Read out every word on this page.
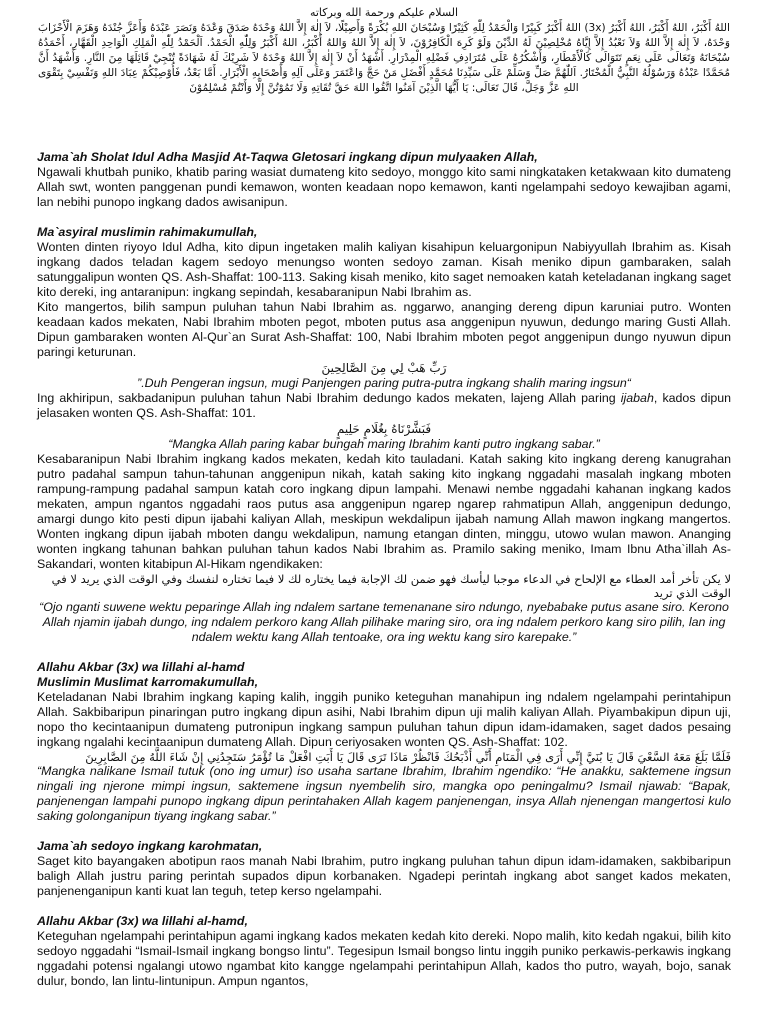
السلام عليكم ورحمة الله وبركاته
اللهُ أَكْبَرُ، اللهُ أَكْبَرُ، اللهُ أَكْبَرُ (3x) اللهُ أَكْبَرُ كَبِيْرًا وَالْحَمْدُ لِلّٰهِ كَثِيْرًا وَسُبْحَانَ اللهِ بُكْرَةً وَأَصِيْلًا، لاَ إِلٰهَ إِلاَّ اللهُ وَحْدَهُ صَدَقَ وَعْدَهُ وَنَصَرَ عَبْدَهُ وَأَعَزَّ جُنْدَهُ وَهَزَمَ الْأَحْزَابَ وَحْدَهُ، لاَ إِلٰهَ إِلاَّ اللهُ وَلاَ نَعْبُدُ إِلاَّ إِيَّاهُ مُخْلِصِيْنَ لَهُ الدِّيْنَ وَلَوْ كَرِهَ الْكَافِرُوْنَ، لاَ إِلٰهَ إِلاَّ اللهُ وَاللهُ أَكْبَرُ، اللهُ أَكْبَرُ وَلِلّٰهِ الْحَمْدُ. اَلْحَمْدُ لِلّٰهِ الْمَلِكِ الْوَاحِدِ الْقَهَّارِ، أَحْمَدُهُ سُبْحَانَهُ وَتَعَالَى عَلَى نِعَمٍ تَتَوَالَى كَالْأَمْطَارِ، وَأَشْكُرُهُ عَلَى مُتَرَادِفِ فَضْلِهِ الْمِدْرَارِ. أَشْهَدُ أَنْ لاَ إِلٰهَ إِلاَّ اللهُ وَحْدَهُ لاَ شَرِيْكَ لَهُ شَهَادَةً تُنْجِيْ قَائِلَهَا مِنَ النَّارِ. وَأَشْهَدُ أَنَّ مُحَمَّدًا عَبْدُهُ وَرَسُوْلُهُ النَّبِيُّ الْمُخْتَارُ. اَللّٰهُمَّ صَلِّ وَسَلِّمْ عَلَى سَيِّدِنَا مُحَمَّدٍ أَفْضَلِ مَنْ حَجَّ وَاعْتَمَرَ وَعَلَى آلِهِ وَأَصْحَابِهِ الْأَبْرَارِ. أَمَّا بَعْدُ، فَأُوْصِيْكُمْ عِبَادَ اللهِ وَنَفْسِيْ بِتَقْوَى اللهِ عَزَّ وَجَلَّ، قَالَ تَعَالَى: يَا أَيُّهَا الَّذِيْنَ آمَنُوا اتَّقُوا اللهَ حَقَّ تُقَاتِهِ وَلَا تَمُوْتُنَّ إِلَّا وَأَنْتُمْ مُسْلِمُوْنَ

Jama`ah Sholat Idul Adha Masjid At-Taqwa Gletosari ingkang dipun mulyaaken Allah,

Ngawali khutbah puniko, khatib paring wasiat dumateng kito sedoyo, monggo kito sami ningkataken ketakwaan kito dumateng Allah swt, wonten panggenan pundi kemawon, wonten keadaan nopo kemawon, kanti ngelampahi sedoyo kewajiban agami, lan nebihi punopo ingkang dados awisanipun.

Ma`asyiral muslimin rahimakumullah,

Wonten dinten riyoyo Idul Adha, kito dipun ingetaken malih kaliyan kisahipun keluargonipun Nabiyyullah Ibrahim as. Kisah ingkang dados teladan kagem sedoyo menungso wonten sedoyo zaman. Kisah meniko dipun gambaraken, salah satunggalipun wonten QS. Ash-Shaffat: 100-113. Saking kisah meniko, kito saget nemoaken katah keteladanan ingkang saget kito dereki, ing antaranipun: ingkang sepindah, kesabaranipun Nabi Ibrahim as.

Kito mangertos, bilih sampun puluhan tahun Nabi Ibrahim as. nggarwo, ananging dereng dipun karuniai putro. Wonten keadaan kados mekaten, Nabi Ibrahim mboten pegot, mboten putus asa anggenipun nyuwun, dedungo maring Gusti Allah. Dipun gambaraken wonten Al-Qur`an Surat Ash-Shaffat: 100, Nabi Ibrahim mboten pegot anggenipun dungo nyuwun dipun paringi keturunan.

رَبِّ هَبْ لِي مِنَ الصَّالِحِينَ

”.Duh Pengeran ingsun, mugi Panjengen paring putra-putra ingkang shalih maring ingsun“

Ing akhiripun, sakbadanipun puluhan tahun Nabi Ibrahim dedungo kados mekaten, lajeng Allah paring ijabah, kados dipun jelasaken wonten QS. Ash-Shaffat: 101.

فَبَشَّرْنَاهُ بِغُلَامٍ حَلِيمٍ

“Mangka Allah paring kabar bungah maring Ibrahim kanti putro ingkang sabar.”

Kesabaranipun Nabi Ibrahim ingkang kados mekaten, kedah kito tauladani. Katah saking kito ingkang dereng kanugrahan putro padahal sampun tahun-tahunan anggenipun nikah, katah saking kito ingkang nggadahi masalah ingkang mboten rampung-rampung padahal sampun katah coro ingkang dipun lampahi. Menawi nembe nggadahi kahanan ingkang kados mekaten, ampun ngantos nggadahi raos putus asa anggenipun ngarep ngarep rahmatipun Allah, anggenipun dedungo, amargi dungo kito pesti dipun ijabahi kaliyan Allah, meskipun wekdalipun ijabah namung Allah mawon ingkang mangertos. Wonten ingkang dipun ijabah mboten dangu wekdalipun, namung etangan dinten, minggu, utowo wulan mawon. Ananging wonten ingkang tahunan bahkan puluhan tahun kados Nabi Ibrahim as. Pramilo saking meniko, Imam Ibnu Atha`illah As-Sakandari, wonten kitabipun Al-Hikam ngendikaken:

لا يكن تأخر أمد العطاء مع الإلحاح في الدعاء موجبا ليأسك فهو ضمن لك الإجابة فيما يختاره لك لا فيما تختاره لنفسك وفي الوقت الذي يريد لا في الوقت الذي تريد

“Ojo nganti suwene wektu peparinge Allah ing ndalem sartane temenanane siro ndungo, nyebabake putus asane siro. Kerono Allah njamin ijabah dungo, ing ndalem perkoro kang Allah pilihake maring siro, ora ing ndalem perkoro kang siro pilih, lan ing ndalem wektu kang Allah tentoake, ora ing wektu kang siro karepake.”

Allahu Akbar (3x) wa lillahi al-hamd

Muslimin Muslimat karromakumullah,

Keteladanan Nabi Ibrahim ingkang kaping kalih, inggih puniko keteguhan manahipun ing ndalem ngelampahi perintahipun Allah. Sakbibaripun pinaringan putro ingkang dipun asihi, Nabi Ibrahim dipun uji malih kaliyan Allah. Piyambakipun dipun uji, nopo tho kecintaanipun dumateng putronipun ingkang sampun puluhan tahun dipun idam-idamaken, saget dados pesaing ingkang ngalahi kecintaanipun dumateng Allah. Dipun ceriyosaken wonten QS. Ash-Shaffat: 102.

فَلَمَّا بَلَغَ مَعَهُ السَّعْيَ قَالَ يَا بُنَيَّ إِنِّي أَرَى فِي الْمَنَامِ أَنِّي أَذْبَحُكَ فَانْظُرْ مَاذَا تَرَى قَالَ يَا أَبَتِ افْعَلْ مَا تُؤْمَرُ سَتَجِدُنِي إِنْ شَاءَ اللَّهُ مِنَ الصَّابِرِينَ

“Mangka nalikane Ismail tutuk (ono ing umur) iso usaha sartane Ibrahim, Ibrahim ngendiko: “He anakku, saktemene ingsun ningali ing njerone mimpi ingsun, saktemene ingsun nyembelih siro, mangka opo peningalmu? Ismail njawab: “Bapak, panjenengan lampahi punopo ingkang dipun perintahaken Allah kagem panjenengan, insya Allah njenengan mangertosi kulo saking golonganipun tiyang ingkang sabar.”

Jama`ah sedoyo ingkang karohmatan,

Saget kito bayangaken abotipun raos manah Nabi Ibrahim, putro ingkang puluhan tahun dipun idam-idamaken, sakbibaripun baligh Allah justru paring perintah supados dipun korbanaken. Ngadepi perintah ingkang abot sanget kados mekaten, panjenenganipun kanti kuat lan teguh, tetep kerso ngelampahi.

Allahu Akbar (3x) wa lillahi al-hamd,

Keteguhan ngelampahi perintahipun agami ingkang kados mekaten kedah kito dereki. Nopo malih, kito kedah ngakui, bilih kito sedoyo nggadahi “Ismail-Ismail ingkang bongso lintu”. Tegesipun Ismail bongso lintu inggih puniko perkawis-perkawis ingkang nggadahi potensi ngalangi utowo ngambat kito kangge ngelampahi perintahipun Allah, kados tho putro, wayah, bojo, sanak dulur, bondo, lan lintu-lintunipun. Ampun ngantos,
